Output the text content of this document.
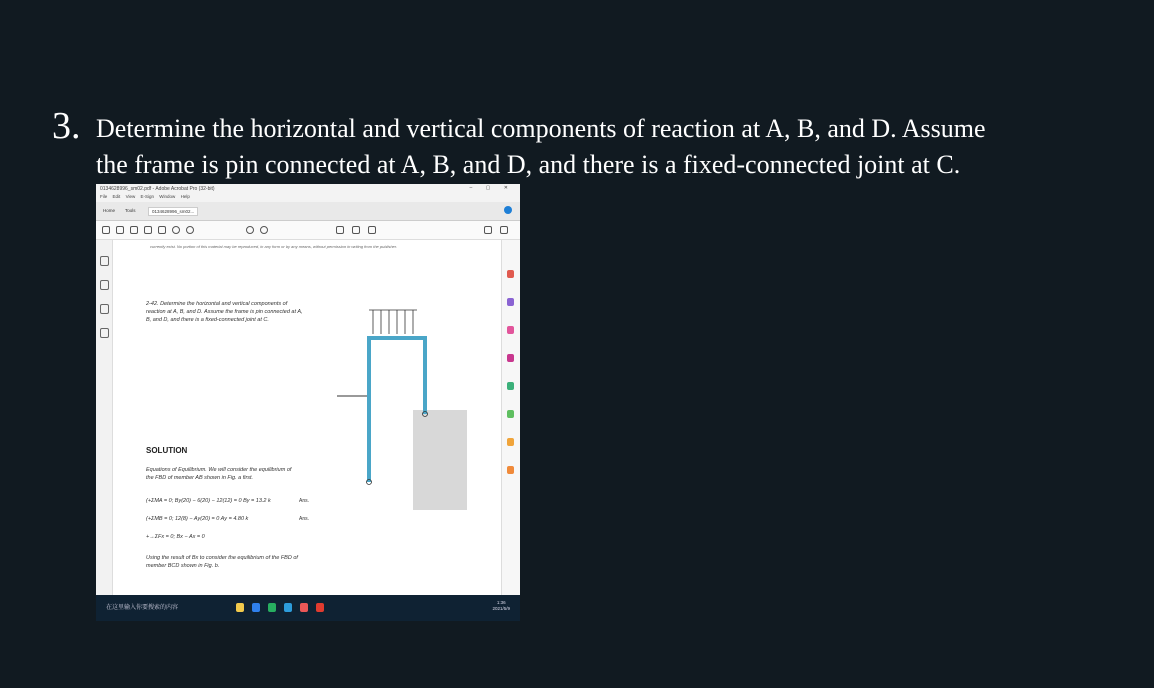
3. Determine the horizontal and vertical components of reaction at A, B, and D. Assume
the frame is pin connected at A, B, and D, and there is a fixed-connected joint at C.
0134628996_sm02.pdf - Adobe Acrobat Pro (32-bit)	– ▢ ✕
File Edit View E-Sign Window Help
Home	Tools	0134628996_sm02...
currently exist. No portion of this material may be reproduced, in any form or by any means, without permission in writing from the publisher.
2-42. Determine the horizontal and vertical components of reaction at A, B, and D. Assume the frame is pin connected at A, B, and D, and there is a fixed-connected joint at C.
SOLUTION
Equations of Equilibrium. We will consider the equilibrium of the FBD of member AB shown in Fig. a first.
(+ΣMA = 0; By(20) − 6(20) − 12(12) = 0 By = 13.2 k	Ans.
(+ΣMB = 0; 12(8) − Ay(20) = 0 Ay = 4.80 k	Ans.
+→ΣFx = 0; Bx − Ax = 0
Using the result of Bx to consider the equilibrium of the FBD of member BCD shown in Fig. b.
在这里输入你要搜索的内容
1:36
2021/5/9
